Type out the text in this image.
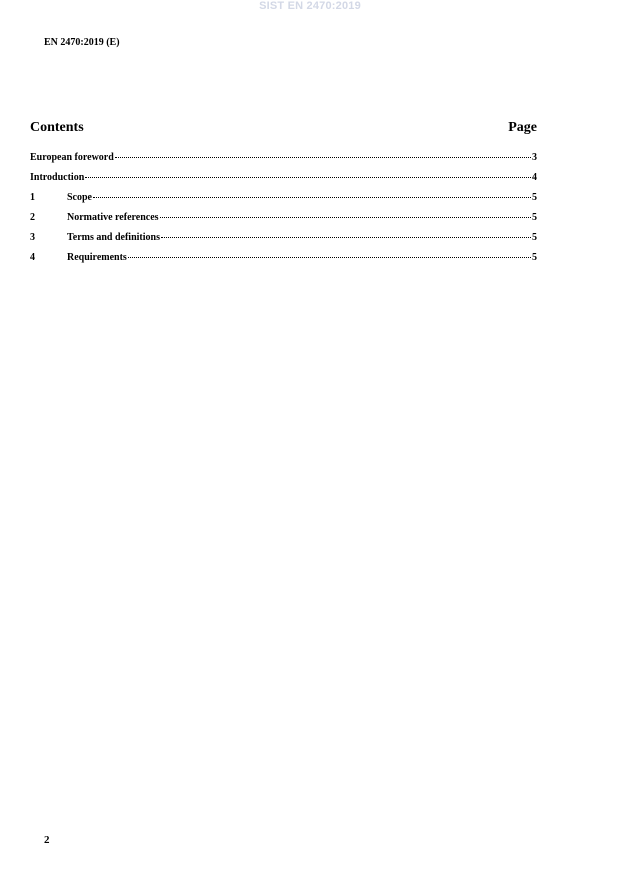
SIST EN 2470:2019
EN 2470:2019 (E)
Contents	Page
European foreword	3
Introduction	4
1	Scope	5
2	Normative references	5
3	Terms and definitions	5
4	Requirements	5
2
